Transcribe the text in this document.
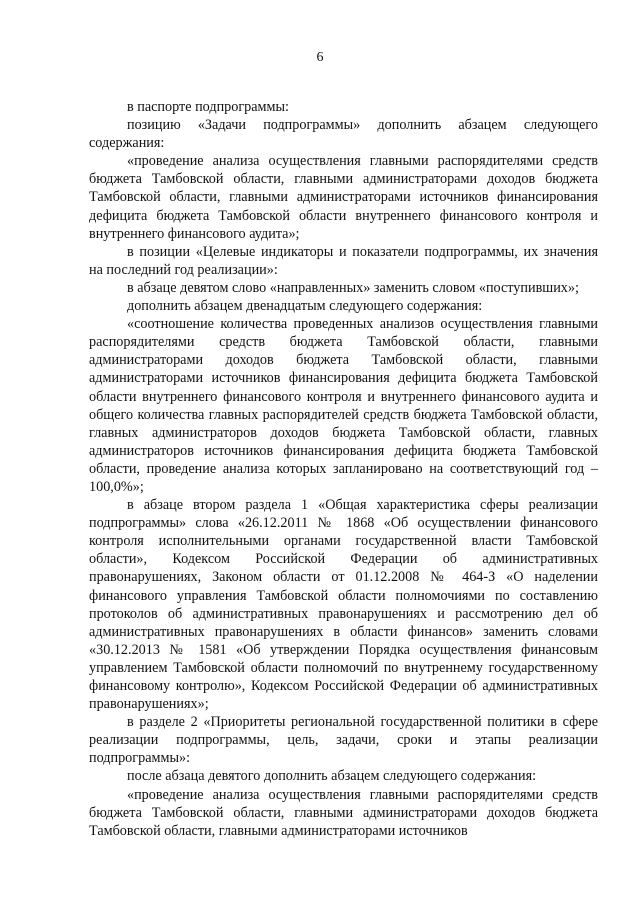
6

в паспорте подпрограммы:

позицию «Задачи подпрограммы» дополнить абзацем следующего содержания:

«проведение анализа осуществления главными распорядителями средств бюджета Тамбовской области, главными администраторами доходов бюджета Тамбовской области, главными администраторами источников финансирования дефицита бюджета Тамбовской области внутреннего финансового контроля и внутреннего финансового аудита»;

в позиции «Целевые индикаторы и показатели подпрограммы, их значения на последний год реализации»:

в абзаце девятом слово «направленных» заменить словом «поступивших»;

дополнить абзацем двенадцатым следующего содержания:

«соотношение количества проведенных анализов осуществления главными распорядителями средств бюджета Тамбовской области, главными администраторами доходов бюджета Тамбовской области, главными администраторами источников финансирования дефицита бюджета Тамбовской области внутреннего финансового контроля и внутреннего финансового аудита и общего количества главных распорядителей средств бюджета Тамбовской области, главных администраторов доходов бюджета Тамбовской области, главных администраторов источников финансирования дефицита бюджета Тамбовской области, проведение анализа которых запланировано на соответствующий год – 100,0%»;

в абзаце втором раздела 1 «Общая характеристика сферы реализации подпрограммы» слова «26.12.2011 № 1868 «Об осуществлении финансового контроля исполнительными органами государственной власти Тамбовской области», Кодексом Российской Федерации об административных правонарушениях, Законом области от 01.12.2008 № 464-З «О наделении финансового управления Тамбовской области полномочиями по составлению протоколов об административных правонарушениях и рассмотрению дел об административных правонарушениях в области финансов» заменить словами «30.12.2013 № 1581 «Об утверждении Порядка осуществления финансовым управлением Тамбовской области полномочий по внутреннему государственному финансовому контролю», Кодексом Российской Федерации об административных правонарушениях»;

в разделе 2 «Приоритеты региональной государственной политики в сфере реализации подпрограммы, цель, задачи, сроки и этапы реализации подпрограммы»:

после абзаца девятого дополнить абзацем следующего содержания:

«проведение анализа осуществления главными распорядителями средств бюджета Тамбовской области, главными администраторами доходов бюджета Тамбовской области, главными администраторами источников
